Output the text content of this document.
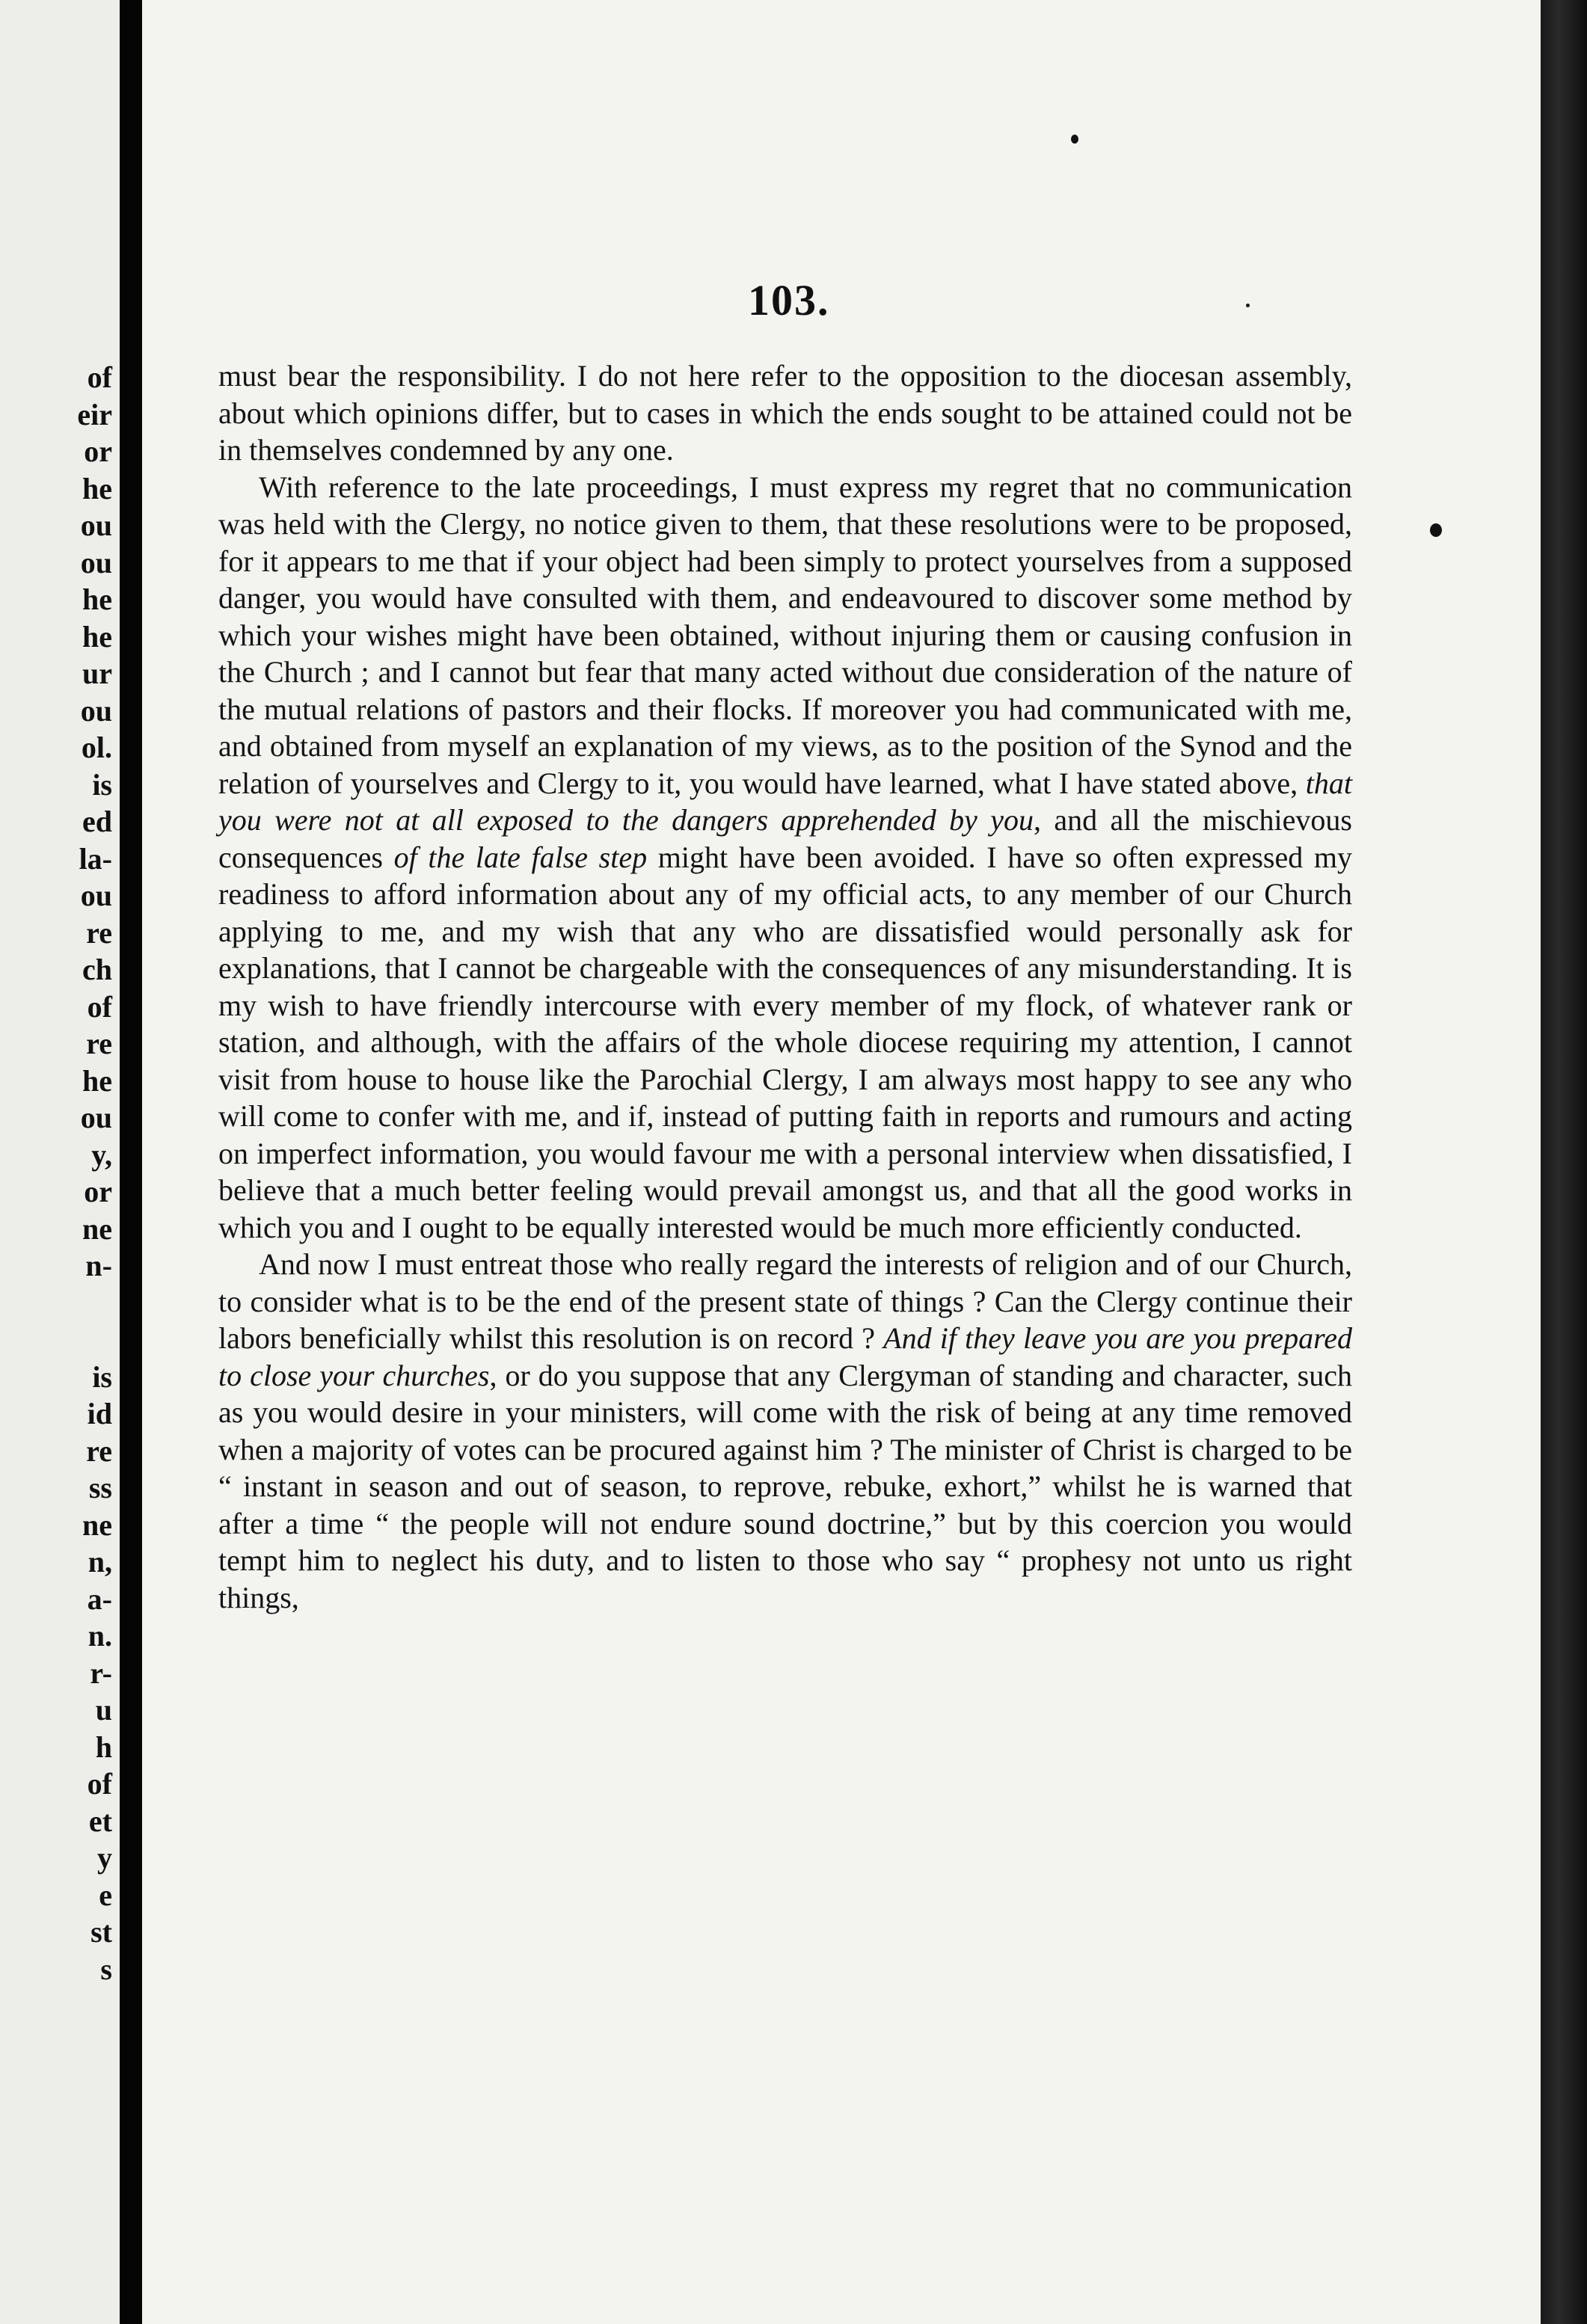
of
eir
or
he
ou
ou
he
he
ur
ou
ol.
is
ed
la-
ou
re
ch
of
re
he
ou
y,
or
ne
n-
is
id
re
ss
ne
n,
a-
n.
r-
u
h
of
et
y
e
st
s
103.

must bear the responsibility. I do not here refer to the opposition to the diocesan assembly, about which opinions differ, but to cases in which the ends sought to be attained could not be in themselves condemned by any one.

With reference to the late proceedings, I must express my regret that no communication was held with the Clergy, no notice given to them, that these resolutions were to be proposed, for it appears to me that if your object had been simply to protect yourselves from a supposed danger, you would have consulted with them, and endeavoured to discover some method by which your wishes might have been obtained, without injuring them or causing confusion in the Church ; and I cannot but fear that many acted without due consideration of the nature of the mutual relations of pastors and their flocks. If moreover you had communicated with me, and obtained from myself an explanation of my views, as to the position of the Synod and the relation of yourselves and Clergy to it, you would have learned, what I have stated above, that you were not at all exposed to the dangers apprehended by you, and all the mischievous consequences of the late false step might have been avoided. I have so often expressed my readiness to afford information about any of my official acts, to any member of our Church applying to me, and my wish that any who are dissatisfied would personally ask for explanations, that I cannot be chargeable with the consequences of any misunderstanding. It is my wish to have friendly intercourse with every member of my flock, of whatever rank or station, and although, with the affairs of the whole diocese requiring my attention, I cannot visit from house to house like the Parochial Clergy, I am always most happy to see any who will come to confer with me, and if, instead of putting faith in reports and rumours and acting on imperfect information, you would favour me with a personal interview when dissatisfied, I believe that a much better feeling would prevail amongst us, and that all the good works in which you and I ought to be equally interested would be much more efficiently conducted.

And now I must entreat those who really regard the interests of religion and of our Church, to consider what is to be the end of the present state of things ? Can the Clergy continue their labors beneficially whilst this resolution is on record ? And if they leave you are you prepared to close your churches, or do you suppose that any Clergyman of standing and character, such as you would desire in your ministers, will come with the risk of being at any time removed when a majority of votes can be procured against him ? The minister of Christ is charged to be “ instant in season and out of season, to reprove, rebuke, exhort,” whilst he is warned that after a time “ the people will not endure sound doctrine,” but by this coercion you would tempt him to neglect his duty, and to listen to those who say “ prophesy not unto us right things,
